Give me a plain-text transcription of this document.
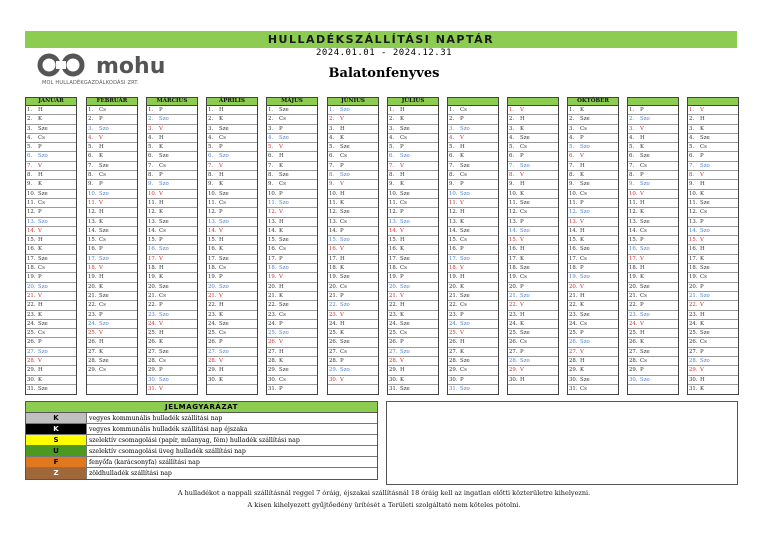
mohu
MOL HULLADÉKGAZDÁLKODÁSI ZRT.
HULLADÉKSZÁLLÍTÁSI NAPTÁR
2024.01.01 - 2024.12.31
Balatonfenyves
JANUÁR
1.	H
2.	K
3.	Sze
4.	Cs
5.	P
6.	Szo
7.	V
8.	H
9.	K
10. Sze
11. Cs
12. P
13. Szo
14. V
15. H
16. K
17. Sze
18. Cs
19. P
20. Szo
21. V
22. H
23. K
24. Sze
25. Cs
26. P
27. Szo
28. V
29. H
30. K
31. Sze
FEBRUÁR
1.	Cs
2.	P
3.	Szo
4.	V
5.	H
6.	K
7.	Sze
8.	Cs
9.	P
10. Szo
11. V
12. H
13. K
14. Sze
15. Cs
16. P
17. Szo
18. V
19. H
20. K
21. Sze
22. Cs
23. P
24. Szo
25. V
26. H
27. K
28. Sze
29. Cs
MÁRCIUS
1.	P
2.	Szo
3.	V
4.	H
5.	K
6.	Sze
7.	Cs
8.	P
9.	Szo
10. V
11. H
12. K
13. Sze
14. Cs
15. P
16. Szo
17. V
18. H
19. K
20. Sze
21. Cs
22. P
23. Szo
24. V
25. H
26. K
27. Sze
28. Cs
29. P
30. Szo
31. V
ÁPRILIS
1.	H
2.	K
3.	Sze
4.	Cs
5.	P
6.	Szo
7.	V
8.	H
9.	K
10. Sze
11. Cs
12. P
13. Szo
14. V
15. H
16. K
17. Sze
18. Cs
19. P
20. Szo
21. V
22. H
23. K
24. Sze
25. Cs
26. P
27. Szo
28. V
29. H
30. K
MÁJUS
1.	Sze
2.	Cs
3.	P
4.	Szo
5.	V
6.	H
7.	K
8.	Sze
9.	Cs
10. P
11. Szo
12. V
13. H
14. K
15. Sze
16. Cs
17. P
18. Szo
19. V
20. H
21. K
22. Sze
23. Cs
24. P
25. Szo
26. V
27. H
28. K
29. Sze
30. Cs
31. P
JÚNIUS
1.	Szo
2.	V
3.	H
4.	K
5.	Sze
6.	Cs
7.	P
8.	Szo
9.	V
10. H
11. K
12. Sze
13. Cs
14. P
15. Szo
16. V
17. H
18. K
19. Sze
20. Cs
21. P
22. Szo
23. V
24. H
25. K
26. Sze
27. Cs
28. P
29. Szo
30. V
JÚLIUS
1.	H
2.	K
3.	Sze
4.	Cs
5.	P
6.	Szo
7.	V
8.	H
9.	K
10. Sze
11. Cs
12. P
13. Szo
14. V
15. H
16. K
17. Sze
18. Cs
19. P
20. Szo
21. V
22. H
23. K
24. Sze
25. Cs
26. P
27. Szo
28. V
29. H
30. K
31. Sze
1.	Cs
2.	P
3.	Szo
4.	V
5.	H
6.	K
7.	Sze
8.	Cs
9.	P
10. Szo
11. V
12. H
13. K
14. Sze
15. Cs
16. P
17. Szo
18. V
19. H
20. K
21. Sze
22. Cs
23. P
24. Szo
25. V
26. H
27. K
28. Sze
29. Cs
30. P
31. Szo
1.	V
2.	H
3.	K
4.	Sze
5.	Cs
6.	P
7.	Szo
8.	V
9.	H
10. K
11. Sze
12. Cs
13. P
14. Szo
15. V
16. H
17. K
18. Sze
19. Cs
20. P
21. Szo
22. V
23. H
24. K
25. Sze
26. Cs
27. P
28. Szo
29. V
30. H
OKTÓBER
1.	K
2.	Sze
3.	Cs
4.	P
5.	Szo
6.	V
7.	H
8.	K
9.	Sze
10. Cs
11. P
12. Szo
13. V
14. H
15. K
16. Sze
17. Cs
18. P
19. Szo
20. V
21. H
22. K
23. Sze
24. Cs
25. P
26. Szo
27. V
28. H
29. K
30. Sze
31. Cs
1.	P
2.	Szo
3.	V
4.	H
5.	K
6.	Sze
7.	Cs
8.	P
9.	Szo
10. V
11. H
12. K
13. Sze
14. Cs
15. P
16. Szo
17. V
18. H
19. K
20. Sze
21. Cs
22. P
23. Szo
24. V
25. H
26. K
27. Sze
28. Cs
29. P
30. Szo
1.	V
2.	H
3.	K
4.	Sze
5.	Cs
6.	P
7.	Szo
8.	V
9.	H
10. K
11. Sze
12. Cs
13. P
14. Szo
15. V
16. H
17. K
18. Sze
19. Cs
20. P
21. Szo
22. V
23. H
24. K
25. Sze
26. Cs
27. P
28. Szo
29. V
30. H
31. K
JELMAGYARÁZAT
K	vegyes kommunális hulladék szállítási nap
K	vegyes kommunális hulladék szállítási nap éjszaka
S	szelektív csomagolási (papír, műanyag, fém) hulladék szállítási nap
U	szelektív csomagolási üveg hulladék szállítási nap
F	fenyőfa (karácsonyfa) szállítási nap
Z	zöldhulladék szállítási nap
A hulladékot a nappali szállításnál reggel 7 óráig, éjszakai szállításnál 18 óráig kell az ingatlan előtti közterületre kihelyezni.
A kisen kihelyezett gyűjtőedény ürítését a Területi szolgáltató nem köteles pótolni.
